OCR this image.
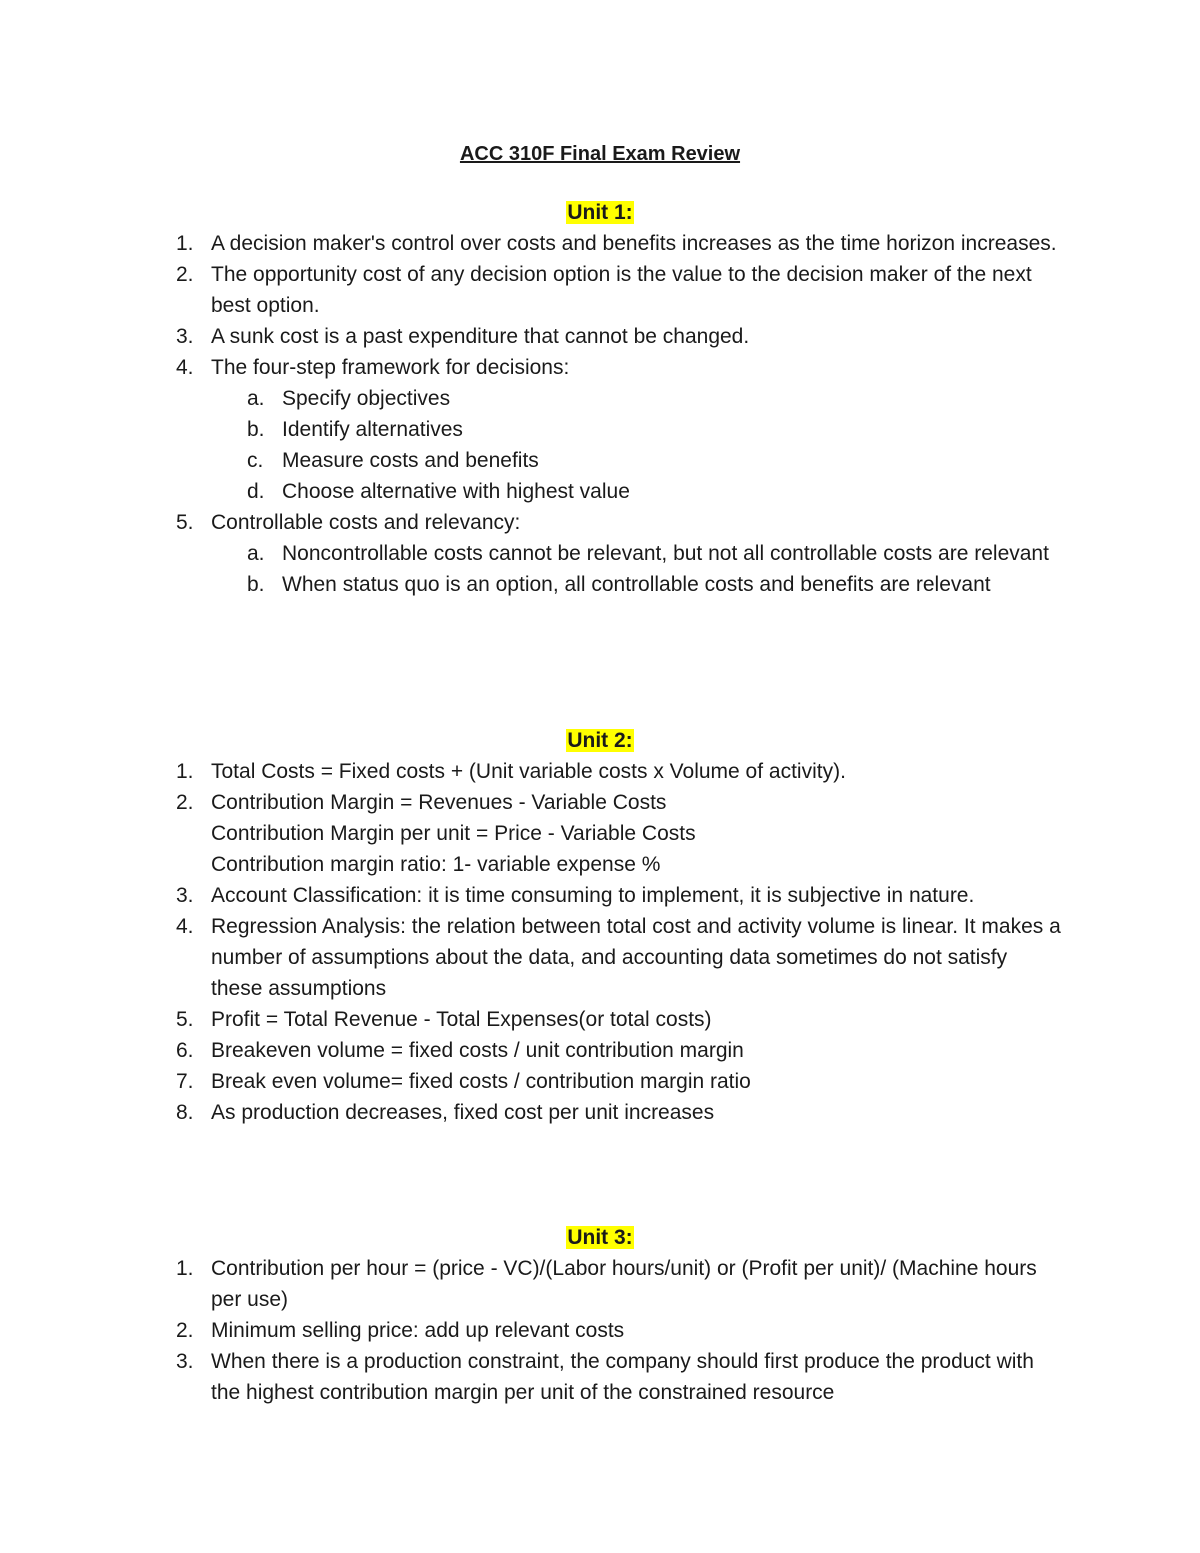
ACC 310F Final Exam Review
Unit 1:
1. A decision maker's control over costs and benefits increases as the time horizon increases.
2. The opportunity cost of any decision option is the value to the decision maker of the next best option.
3. A sunk cost is a past expenditure that cannot be changed.
4. The four-step framework for decisions:
a. Specify objectives
b. Identify alternatives
c. Measure costs and benefits
d. Choose alternative with highest value
5. Controllable costs and relevancy:
a. Noncontrollable costs cannot be relevant, but not all controllable costs are relevant
b. When status quo is an option, all controllable costs and benefits are relevant
Unit 2:
1. Total Costs = Fixed costs + (Unit variable costs x Volume of activity).
2. Contribution Margin = Revenues - Variable Costs
Contribution Margin per unit = Price - Variable Costs
Contribution margin ratio: 1- variable expense %
3. Account Classification: it is time consuming to implement, it is subjective in nature.
4. Regression Analysis: the relation between total cost and activity volume is linear. It makes a number of assumptions about the data, and accounting data sometimes do not satisfy these assumptions
5. Profit = Total Revenue - Total Expenses(or total costs)
6. Breakeven volume = fixed costs / unit contribution margin
7. Break even volume= fixed costs / contribution margin ratio
8. As production decreases, fixed cost per unit increases
Unit 3:
1. Contribution per hour = (price - VC)/(Labor hours/unit) or (Profit per unit)/ (Machine hours per use)
2. Minimum selling price: add up relevant costs
3. When there is a production constraint, the company should first produce the product with the highest contribution margin per unit of the constrained resource
